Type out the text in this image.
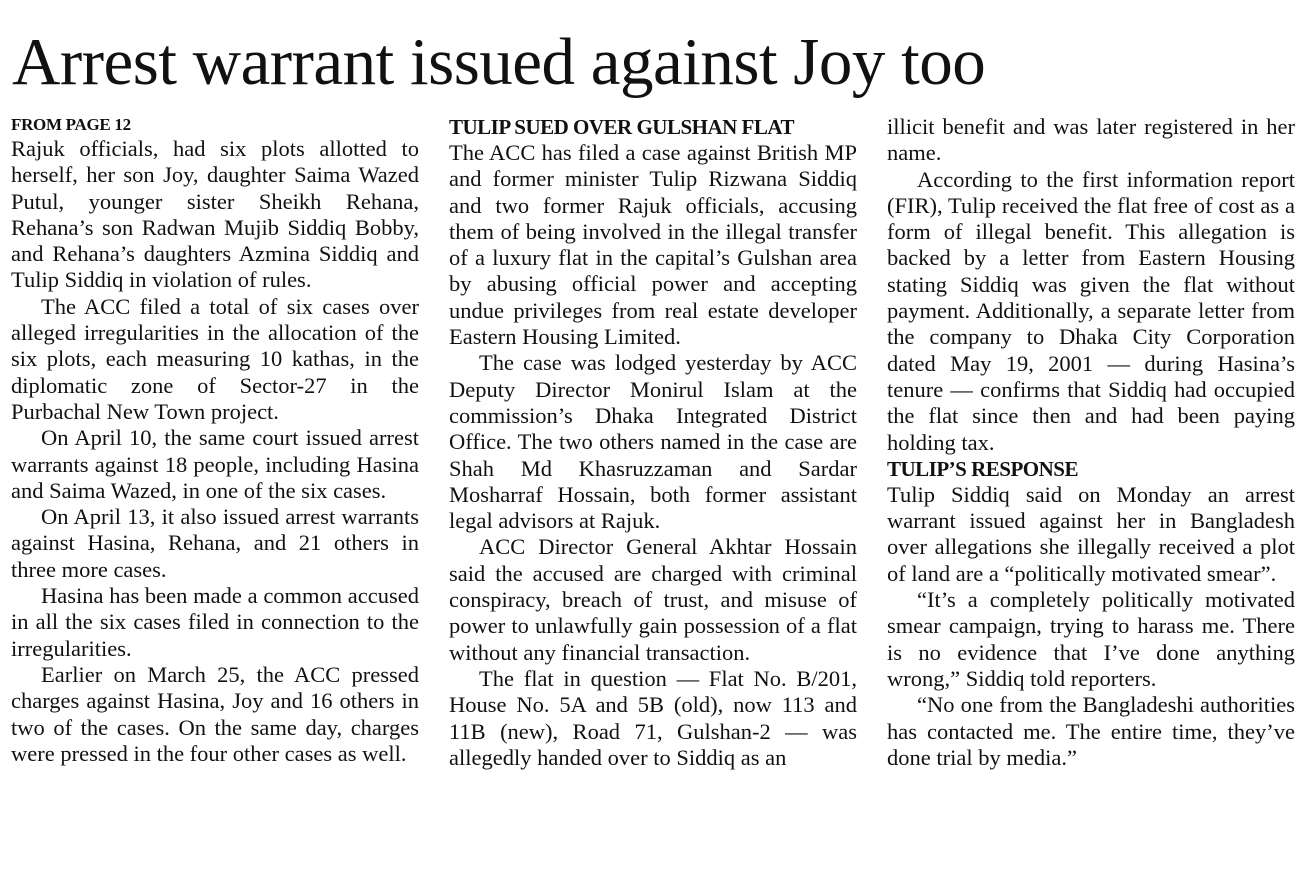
Arrest warrant issued against Joy too
FROM PAGE 12

Rajuk officials, had six plots allotted to herself, her son Joy, daughter Saima Wazed Putul, younger sister Sheikh Rehana, Rehana’s son Radwan Mujib Siddiq Bobby, and Rehana’s daughters Azmina Siddiq and Tulip Siddiq in violation of rules.

The ACC filed a total of six cases over alleged irregularities in the allocation of the six plots, each measuring 10 kathas, in the diplomatic zone of Sector-27 in the Purbachal New Town project.

On April 10, the same court issued arrest warrants against 18 people, including Hasina and Saima Wazed, in one of the six cases.

On April 13, it also issued arrest warrants against Hasina, Rehana, and 21 others in three more cases.

Hasina has been made a common accused in all the six cases filed in connection to the irregularities.

Earlier on March 25, the ACC pressed charges against Hasina, Joy and 16 others in two of the cases. On the same day, charges were pressed in the four other cases as well.

TULIP SUED OVER GULSHAN FLAT

The ACC has filed a case against British MP and former minister Tulip Rizwana Siddiq and two former Rajuk officials, accusing them of being involved in the illegal transfer of a luxury flat in the capital’s Gulshan area by abusing official power and accepting undue privileges from real estate developer Eastern Housing Limited.

The case was lodged yesterday by ACC Deputy Director Monirul Islam at the commission’s Dhaka Integrated District Office. The two others named in the case are Shah Md Khasruzzaman and Sardar Mosharraf Hossain, both former assistant legal advisors at Rajuk.

ACC Director General Akhtar Hossain said the accused are charged with criminal conspiracy, breach of trust, and misuse of power to unlawfully gain possession of a flat without any financial transaction.

The flat in question — Flat No. B/201, House No. 5A and 5B (old), now 113 and 11B (new), Road 71, Gulshan-2 — was allegedly handed over to Siddiq as an

illicit benefit and was later registered in her name.

According to the first information report (FIR), Tulip received the flat free of cost as a form of illegal benefit. This allegation is backed by a letter from Eastern Housing stating Siddiq was given the flat without payment. Additionally, a separate letter from the company to Dhaka City Corporation dated May 19, 2001 — during Hasina’s tenure — confirms that Siddiq had occupied the flat since then and had been paying holding tax.

TULIP’S RESPONSE

Tulip Siddiq said on Monday an arrest warrant issued against her in Bangladesh over allegations she illegally received a plot of land are a “politically motivated smear”.

“It’s a completely politically motivated smear campaign, trying to harass me. There is no evidence that I’ve done anything wrong,” Siddiq told reporters.

“No one from the Bangladeshi authorities has contacted me. The entire time, they’ve done trial by media.”
